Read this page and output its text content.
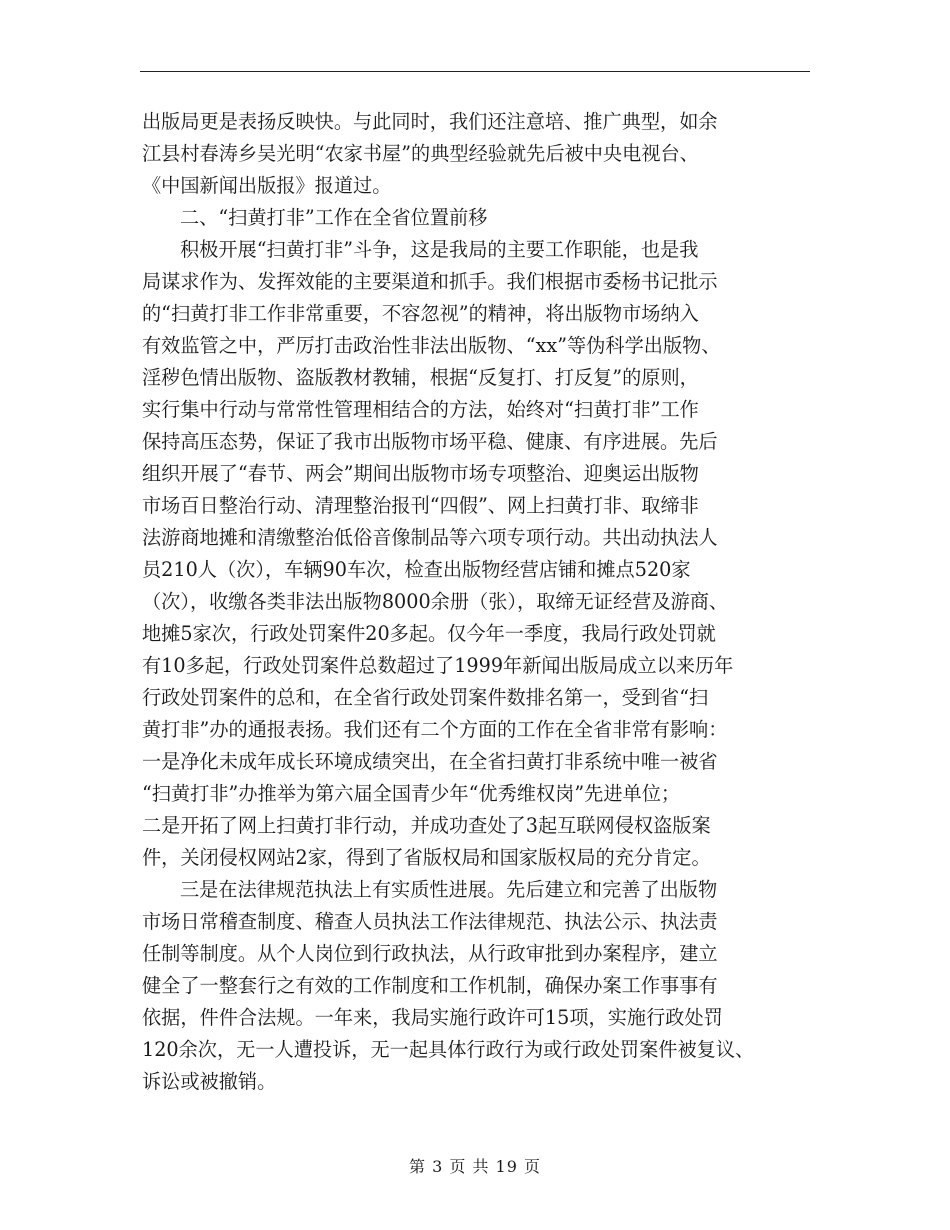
出版局更是表扬反映快。与此同时，我们还注意培、推广典型，如余
江县村春涛乡吴光明“农家书屋”的典型经验就先后被中央电视台、
《中国新闻出版报》报道过。
二、“扫黄打非”工作在全省位置前移
积极开展“扫黄打非”斗争，这是我局的主要工作职能，也是我
局谋求作为、发挥效能的主要渠道和抓手。我们根据市委杨书记批示
的“扫黄打非工作非常重要，不容忽视”的精神，将出版物市场纳入
有效监管之中，严厉打击政治性非法出版物、“xx”等伪科学出版物、
淫秽色情出版物、盗版教材教辅，根据“反复打、打反复”的原则，
实行集中行动与常常性管理相结合的方法，始终对“扫黄打非”工作
保持高压态势，保证了我市出版物市场平稳、健康、有序进展。先后
组织开展了“春节、两会”期间出版物市场专项整治、迎奥运出版物
市场百日整治行动、清理整治报刊“四假”、网上扫黄打非、取缔非
法游商地摊和清缴整治低俗音像制品等六项专项行动。共出动执法人
员210人（次），车辆90车次，检查出版物经营店铺和摊点520家
（次），收缴各类非法出版物8000余册（张），取缔无证经营及游商、
地摊5家次，行政处罚案件20多起。仅今年一季度，我局行政处罚就
有10多起，行政处罚案件总数超过了1999年新闻出版局成立以来历年
行政处罚案件的总和，在全省行政处罚案件数排名第一，受到省“扫
黄打非”办的通报表扬。我们还有二个方面的工作在全省非常有影响：
一是净化未成年成长环境成绩突出，在全省扫黄打非系统中唯一被省
“扫黄打非”办推举为第六届全国青少年“优秀维权岗”先进单位；
二是开拓了网上扫黄打非行动，并成功查处了3起互联网侵权盗版案
件，关闭侵权网站2家，得到了省版权局和国家版权局的充分肯定。
三是在法律规范执法上有实质性进展。先后建立和完善了出版物
市场日常稽查制度、稽查人员执法工作法律规范、执法公示、执法责
任制等制度。从个人岗位到行政执法，从行政审批到办案程序，建立
健全了一整套行之有效的工作制度和工作机制，确保办案工作事事有
依据，件件合法规。一年来，我局实施行政许可15项，实施行政处罚
120余次，无一人遭投诉，无一起具体行政行为或行政处罚案件被复议、
诉讼或被撤销。
第 3 页 共 19 页
